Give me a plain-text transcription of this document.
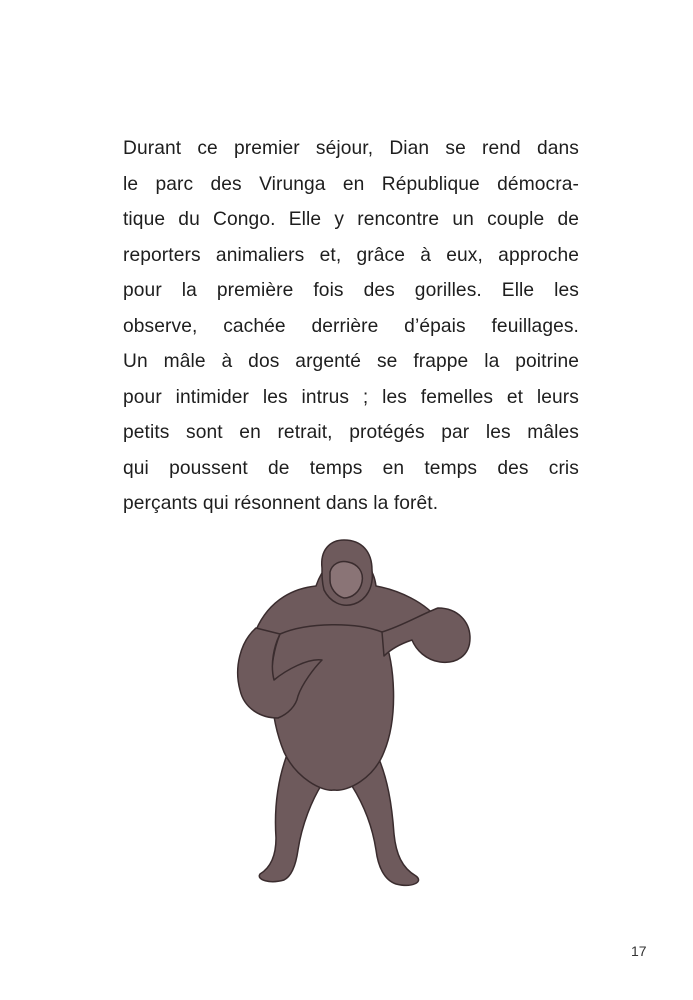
Durant ce premier séjour, Dian se rend dans
le parc des Virunga en République démocra-
tique du Congo. Elle y rencontre un couple de
reporters animaliers et, grâce à eux, approche
pour la première fois des gorilles. Elle les
observe, cachée derrière d’épais feuillages.
Un mâle à dos argenté se frappe la poitrine
pour intimider les intrus ; les femelles et leurs
petits sont en retrait, protégés par les mâles
qui poussent de temps en temps des cris
perçants qui résonnent dans la forêt.
17
